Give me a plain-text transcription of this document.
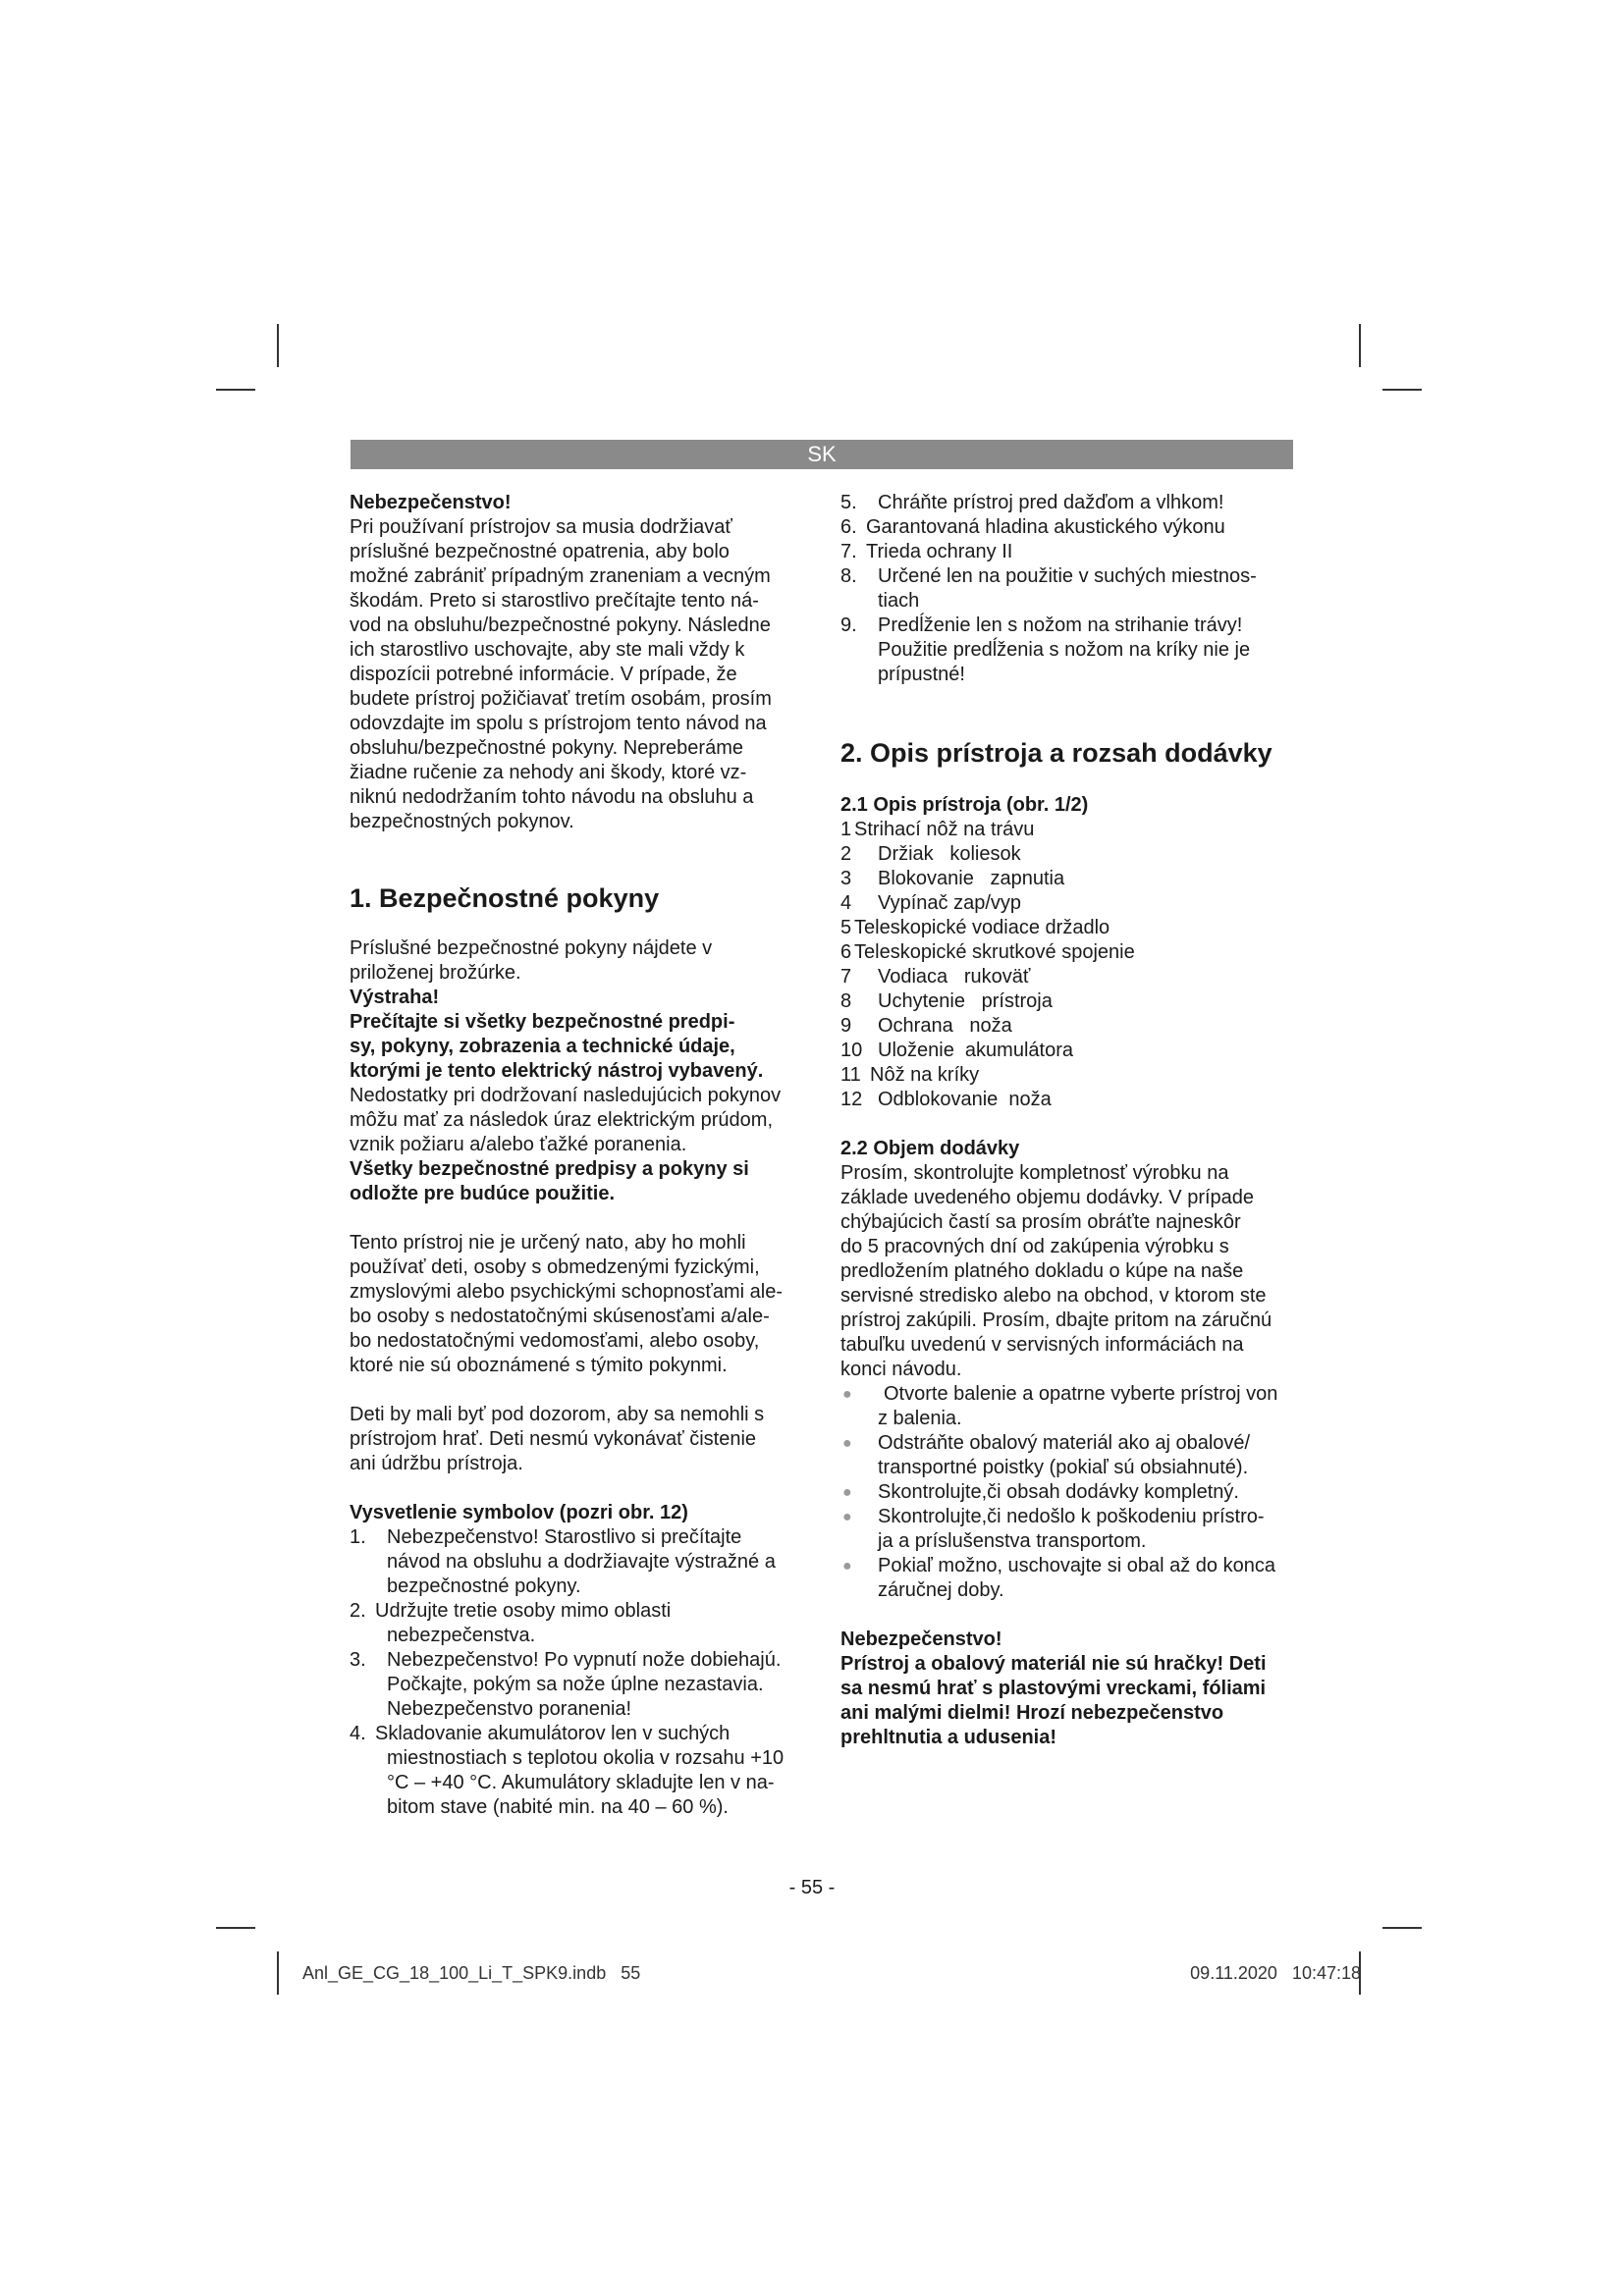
SK

Nebezpečenstvo!

Pri používaní prístrojov sa musia dodržiavať

príslušné bezpečnostné opatrenia, aby bolo

možné zabrániť prípadným zraneniam a vecným

škodám. Preto si starostlivo prečítajte tento ná-

vod na obsluhu/bezpečnostné pokyny. Následne

ich starostlivo uschovajte, aby ste mali vždy k

dispozícii potrebné informácie. V prípade, že

budete prístroj požičiavať tretím osobám, prosím

odovzdajte im spolu s prístrojom tento návod na

obsluhu/bezpečnostné pokyny. Nepreberáme

žiadne ručenie za nehody ani škody, ktoré vz-

niknú nedodržaním tohto návodu na obsluhu a

bezpečnostných pokynov.

1. Bezpečnostné pokyny

Príslušné bezpečnostné pokyny nájdete v

priloženej brožúrke.

Výstraha!

Prečítajte si všetky bezpečnostné predpi-

sy, pokyny, zobrazenia a technické údaje,

ktorými je tento elektrický nástroj vybavený.

Nedostatky pri dodržovaní nasledujúcich pokynov

môžu mať za následok úraz elektrickým prúdom,

vznik požiaru a/alebo ťažké poranenia.

Všetky bezpečnostné predpisy a pokyny si

odložte pre budúce použitie.

Tento prístroj nie je určený nato, aby ho mohli

používať deti, osoby s obmedzenými fyzickými,

zmyslovými alebo psychickými schopnosťami ale-

bo osoby s nedostatočnými skúsenosťami a/ale-

bo nedostatočnými vedomosťami, alebo osoby,

ktoré nie sú oboznámené s týmito pokynmi.

Deti by mali byť pod dozorom, aby sa nemohli s

prístrojom hrať. Deti nesmú vykonávať čistenie

ani údržbu prístroja.

Vysvetlenie symbolov (pozri obr. 12)

1.	Nebezpečenstvo! Starostlivo si prečítajte

návod na obsluhu a dodržiavajte výstražné a

bezpečnostné pokyny.

2. Udržujte tretie osoby mimo oblasti

nebezpečenstva.

3.	Nebezpečenstvo! Po vypnutí nože dobiehajú.

Počkajte, pokým sa nože úplne nezastavia.

Nebezpečenstvo poranenia!

4. Skladovanie akumulátorov len v suchých

miestnostiach s teplotou okolia v rozsahu +10

°C – +40 °C. Akumulátory skladujte len v na-

bitom stave (nabité min. na 40 – 60 %).

5.	Chráňte prístroj pred dažďom a vlhkom!

6. Garantovaná hladina akustického výkonu

7. Trieda ochrany II

8.	Určené len na použitie v suchých miestnos-

tiach

9.	Predĺženie len s nožom na strihanie trávy!

Použitie predĺženia s nožom na kríky nie je

prípustné!

2. Opis prístroja a rozsah dodávky

2.1 Opis prístroja (obr. 1/2)

1 Strihací nôž na trávu
2	Držiak   koliesok
3	Blokovanie   zapnutia
4	Vypínač zap/vyp
5 Teleskopické vodiace držadlo
6 Teleskopické skrutkové spojenie
7	Vodiaca   rukoväť
8	Uchytenie   prístroja
9	Ochrana   noža
10 Uloženie  akumulátora
11 Nôž na kríky
12 Odblokovanie  noža

2.2 Objem dodávky

Prosím, skontrolujte kompletnosť výrobku na

základe uvedeného objemu dodávky. V prípade

chýbajúcich častí sa prosím obráťte najneskôr

do 5 pracovných dní od zakúpenia výrobku s

predložením platného dokladu o kúpe na naše

servisné stredisko alebo na obchod, v ktorom ste

prístroj zakúpili. Prosím, dbajte pritom na záručnú

tabuľku uvedenú v servisných informáciách na

konci návodu.

●	Otvorte balenie a opatrne vyberte prístroj von

z balenia.

●	Odstráňte obalový materiál ako aj obalové/

transportné poistky (pokiaľ sú obsiahnuté).

●	Skontrolujte,či obsah dodávky kompletný.

●	Skontrolujte,či nedošlo k poškodeniu prístro-

ja a príslušenstva transportom.

●	Pokiaľ možno, uschovajte si obal až do konca

záručnej doby.

Nebezpečenstvo!

Prístroj a obalový materiál nie sú hračky! Deti

sa nesmú hrať s plastovými vreckami, fóliami

ani malými dielmi! Hrozí nebezpečenstvo

prehltnutia a udusenia!

- 55 -
Anl_GE_CG_18_100_Li_T_SPK9.indb   55	09.11.2020   10:47:18
